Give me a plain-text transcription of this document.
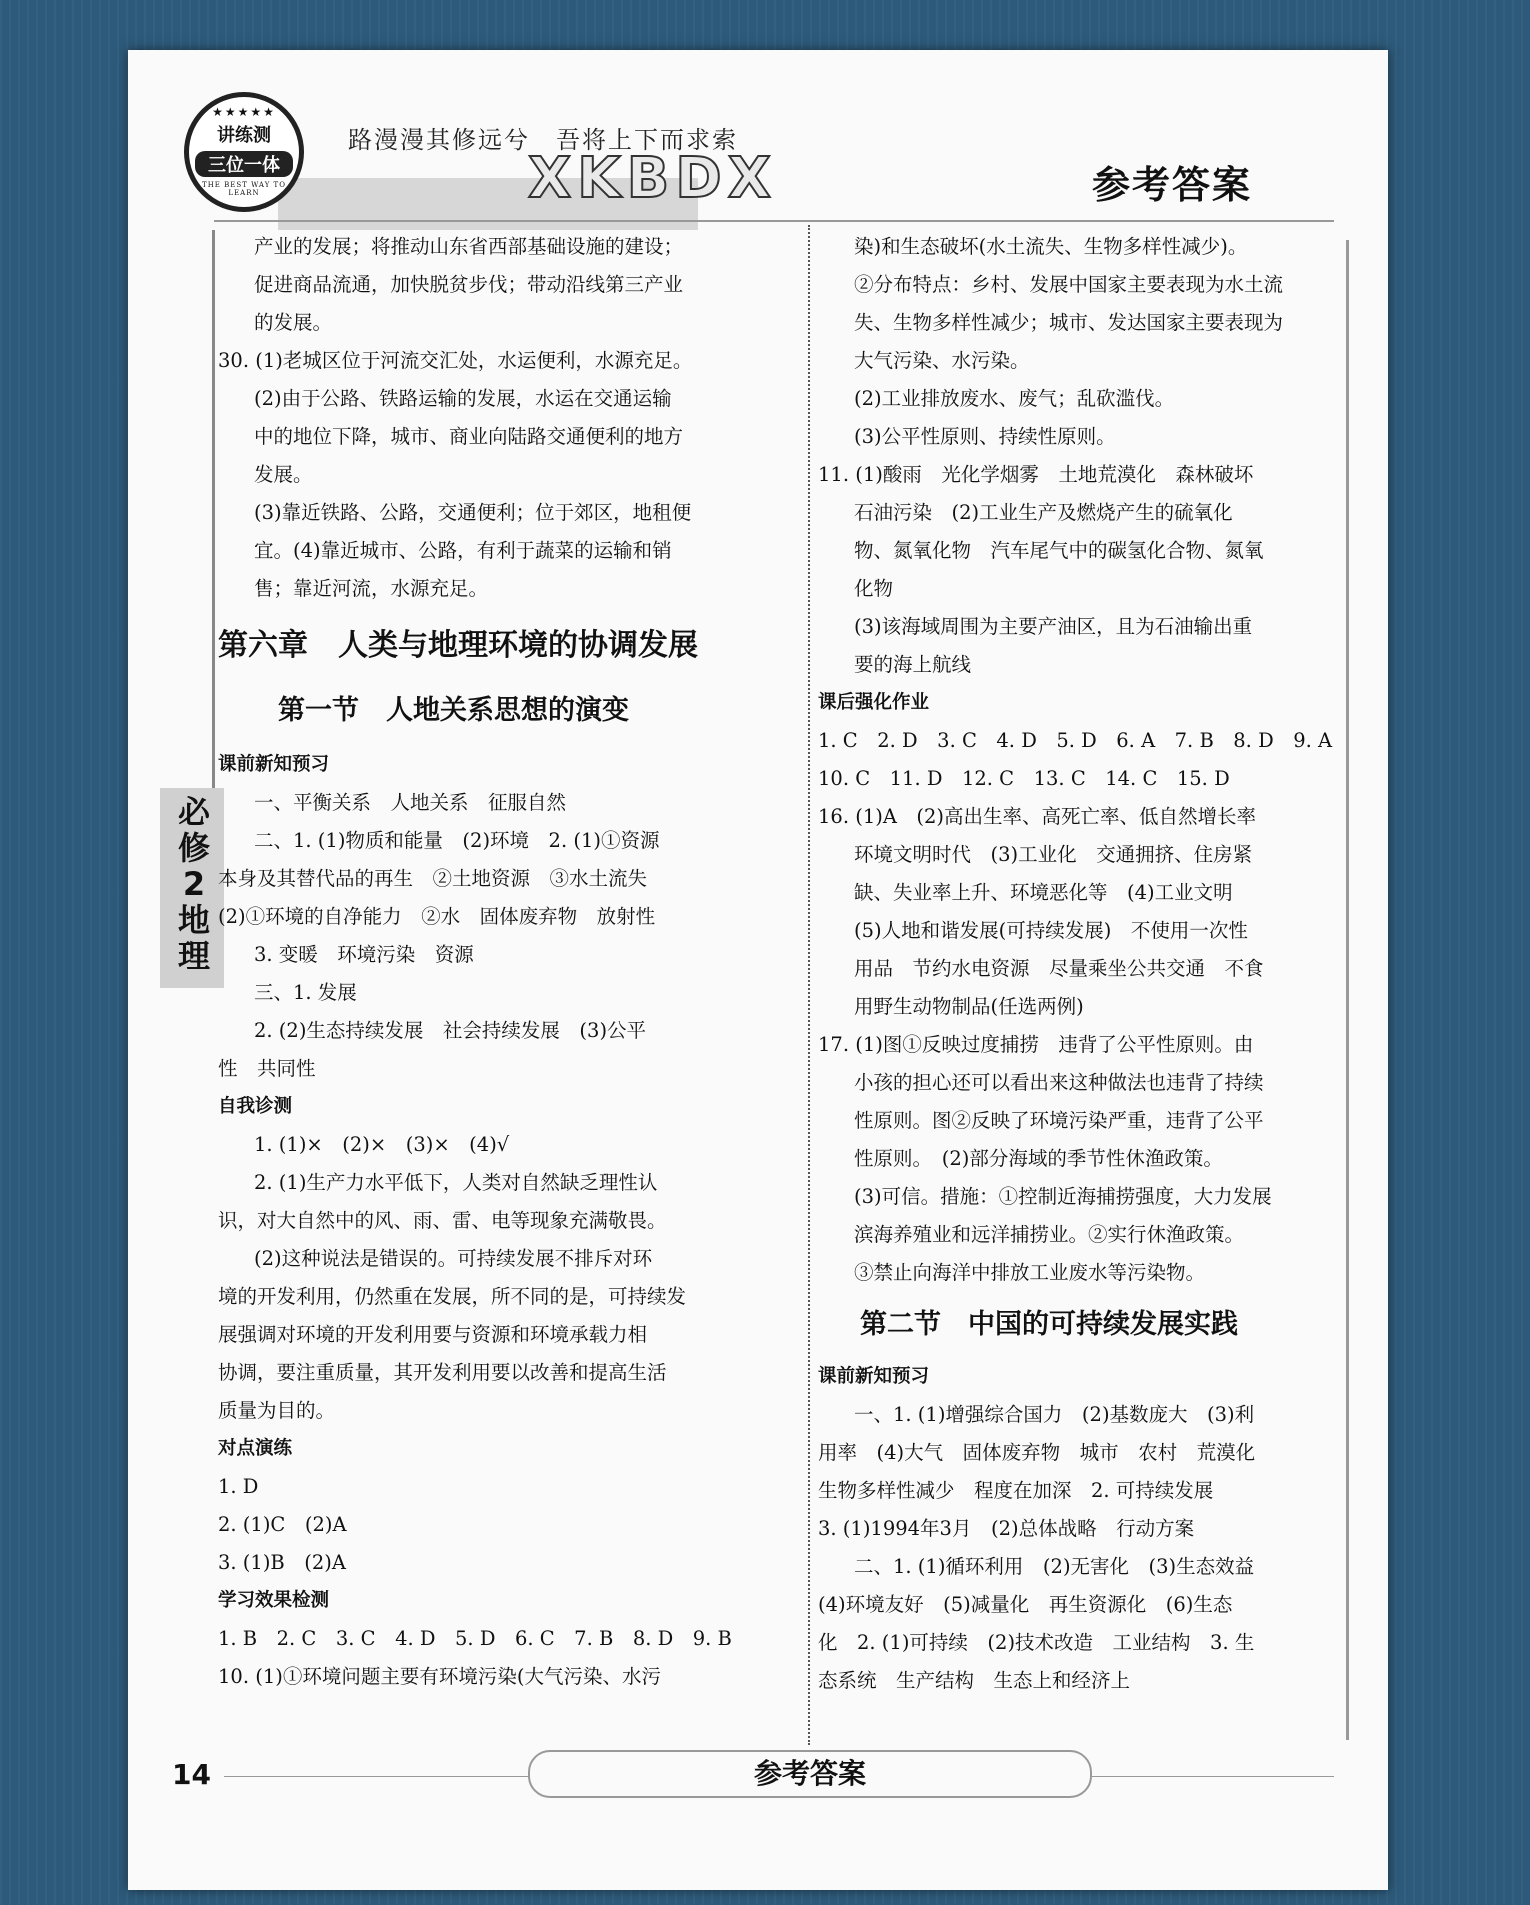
★★★★★
讲练测
三位一体
THE BEST WAY TO LEARN
路漫漫其修远兮　吾将上下而求索
XKBDX	参考答案
必
修
2
地
理
产业的发展；将推动山东省西部基础设施的建设；
促进商品流通，加快脱贫步伐；带动沿线第三产业
的发展。
30. (1)老城区位于河流交汇处，水运便利，水源充足。
(2)由于公路、铁路运输的发展，水运在交通运输
中的地位下降，城市、商业向陆路交通便利的地方
发展。
(3)靠近铁路、公路，交通便利；位于郊区，地租便
宜。(4)靠近城市、公路，有利于蔬菜的运输和销
售；靠近河流，水源充足。
第六章　人类与地理环境的协调发展
第一节　人地关系思想的演变
课前新知预习
一、平衡关系　人地关系　征服自然
二、1. (1)物质和能量　(2)环境　2. (1)①资源
本身及其替代品的再生　②土地资源　③水土流失
(2)①环境的自净能力　②水　固体废弃物　放射性
3. 变暖　环境污染　资源
三、1. 发展
2. (2)生态持续发展　社会持续发展　(3)公平
性　共同性
自我诊测
1. (1)×　(2)×　(3)×　(4)√
2. (1)生产力水平低下，人类对自然缺乏理性认
识，对大自然中的风、雨、雷、电等现象充满敬畏。
(2)这种说法是错误的。可持续发展不排斥对环
境的开发利用，仍然重在发展，所不同的是，可持续发
展强调对环境的开发利用要与资源和环境承载力相
协调，要注重质量，其开发利用要以改善和提高生活
质量为目的。
对点演练
1. D
2. (1)C　(2)A
3. (1)B　(2)A
学习效果检测
1. B　2. C　3. C　4. D　5. D　6. C　7. B　8. D　9. B
10. (1)①环境问题主要有环境污染(大气污染、水污
染)和生态破坏(水土流失、生物多样性减少)。
②分布特点：乡村、发展中国家主要表现为水土流
失、生物多样性减少；城市、发达国家主要表现为
大气污染、水污染。
(2)工业排放废水、废气；乱砍滥伐。
(3)公平性原则、持续性原则。
11. (1)酸雨　光化学烟雾　土地荒漠化　森林破坏
石油污染　(2)工业生产及燃烧产生的硫氧化
物、氮氧化物　汽车尾气中的碳氢化合物、氮氧
化物
(3)该海域周围为主要产油区，且为石油输出重
要的海上航线
课后强化作业
1. C　2. D　3. C　4. D　5. D　6. A　7. B　8. D　9. A
10. C　11. D　12. C　13. C　14. C　15. D
16. (1)A　(2)高出生率、高死亡率、低自然增长率
环境文明时代　(3)工业化　交通拥挤、住房紧
缺、失业率上升、环境恶化等　(4)工业文明
(5)人地和谐发展(可持续发展)　不使用一次性
用品　节约水电资源　尽量乘坐公共交通　不食
用野生动物制品(任选两例)
17. (1)图①反映过度捕捞　违背了公平性原则。由
小孩的担心还可以看出来这种做法也违背了持续
性原则。图②反映了环境污染严重，违背了公平
性原则。　(2)部分海域的季节性休渔政策。
(3)可信。措施：①控制近海捕捞强度，大力发展
滨海养殖业和远洋捕捞业。②实行休渔政策。
③禁止向海洋中排放工业废水等污染物。
第二节　中国的可持续发展实践
课前新知预习
一、1. (1)增强综合国力　(2)基数庞大　(3)利
用率　(4)大气　固体废弃物　城市　农村　荒漠化
生物多样性减少　程度在加深　2. 可持续发展
3. (1)1994年3月　(2)总体战略　行动方案
二、1. (1)循环利用　(2)无害化　(3)生态效益
(4)环境友好　(5)减量化　再生资源化　(6)生态
化　2. (1)可持续　(2)技术改造　工业结构　3. 生
态系统　生产结构　生态上和经济上
14	参考答案
